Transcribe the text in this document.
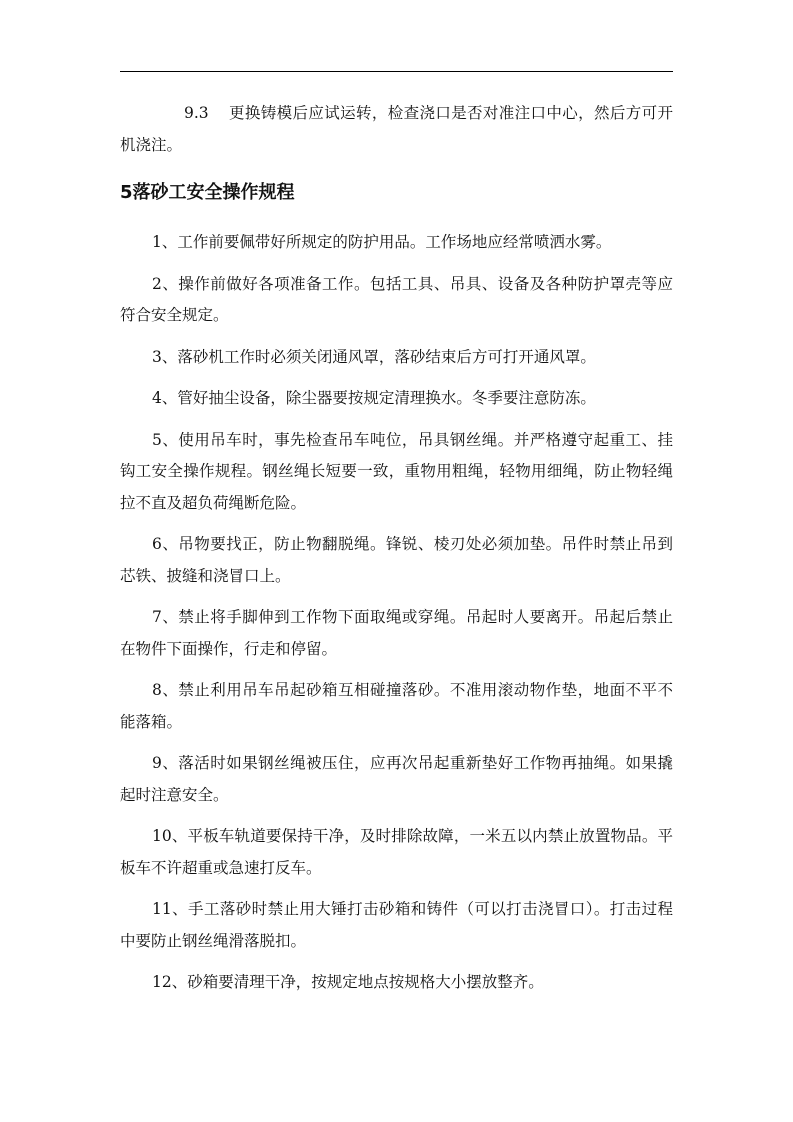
9.3 更换铸模后应试运转，检查浇口是否对准注口中心，然后方可开机浇注。

5落砂工安全操作规程

1、工作前要佩带好所规定的防护用品。工作场地应经常喷洒水雾。

2、操作前做好各项准备工作。包括工具、吊具、设备及各种防护罩壳等应符合安全规定。

3、落砂机工作时必须关闭通风罩，落砂结束后方可打开通风罩。

4、管好抽尘设备，除尘器要按规定清理换水。冬季要注意防冻。

5、使用吊车时，事先检查吊车吨位，吊具钢丝绳。并严格遵守起重工、挂钩工安全操作规程。钢丝绳长短要一致，重物用粗绳，轻物用细绳，防止物轻绳拉不直及超负荷绳断危险。

6、吊物要找正，防止物翻脱绳。锋锐、棱刃处必须加垫。吊件时禁止吊到芯铁、披缝和浇冒口上。

7、禁止将手脚伸到工作物下面取绳或穿绳。吊起时人要离开。吊起后禁止在物件下面操作，行走和停留。

8、禁止利用吊车吊起砂箱互相碰撞落砂。不准用滚动物作垫，地面不平不能落箱。

9、落活时如果钢丝绳被压住，应再次吊起重新垫好工作物再抽绳。如果撬起时注意安全。

10、平板车轨道要保持干净，及时排除故障，一米五以内禁止放置物品。平板车不许超重或急速打反车。

11、手工落砂时禁止用大锤打击砂箱和铸件（可以打击浇冒口）。打击过程中要防止钢丝绳滑落脱扣。

12、砂箱要清理干净，按规定地点按规格大小摆放整齐。
